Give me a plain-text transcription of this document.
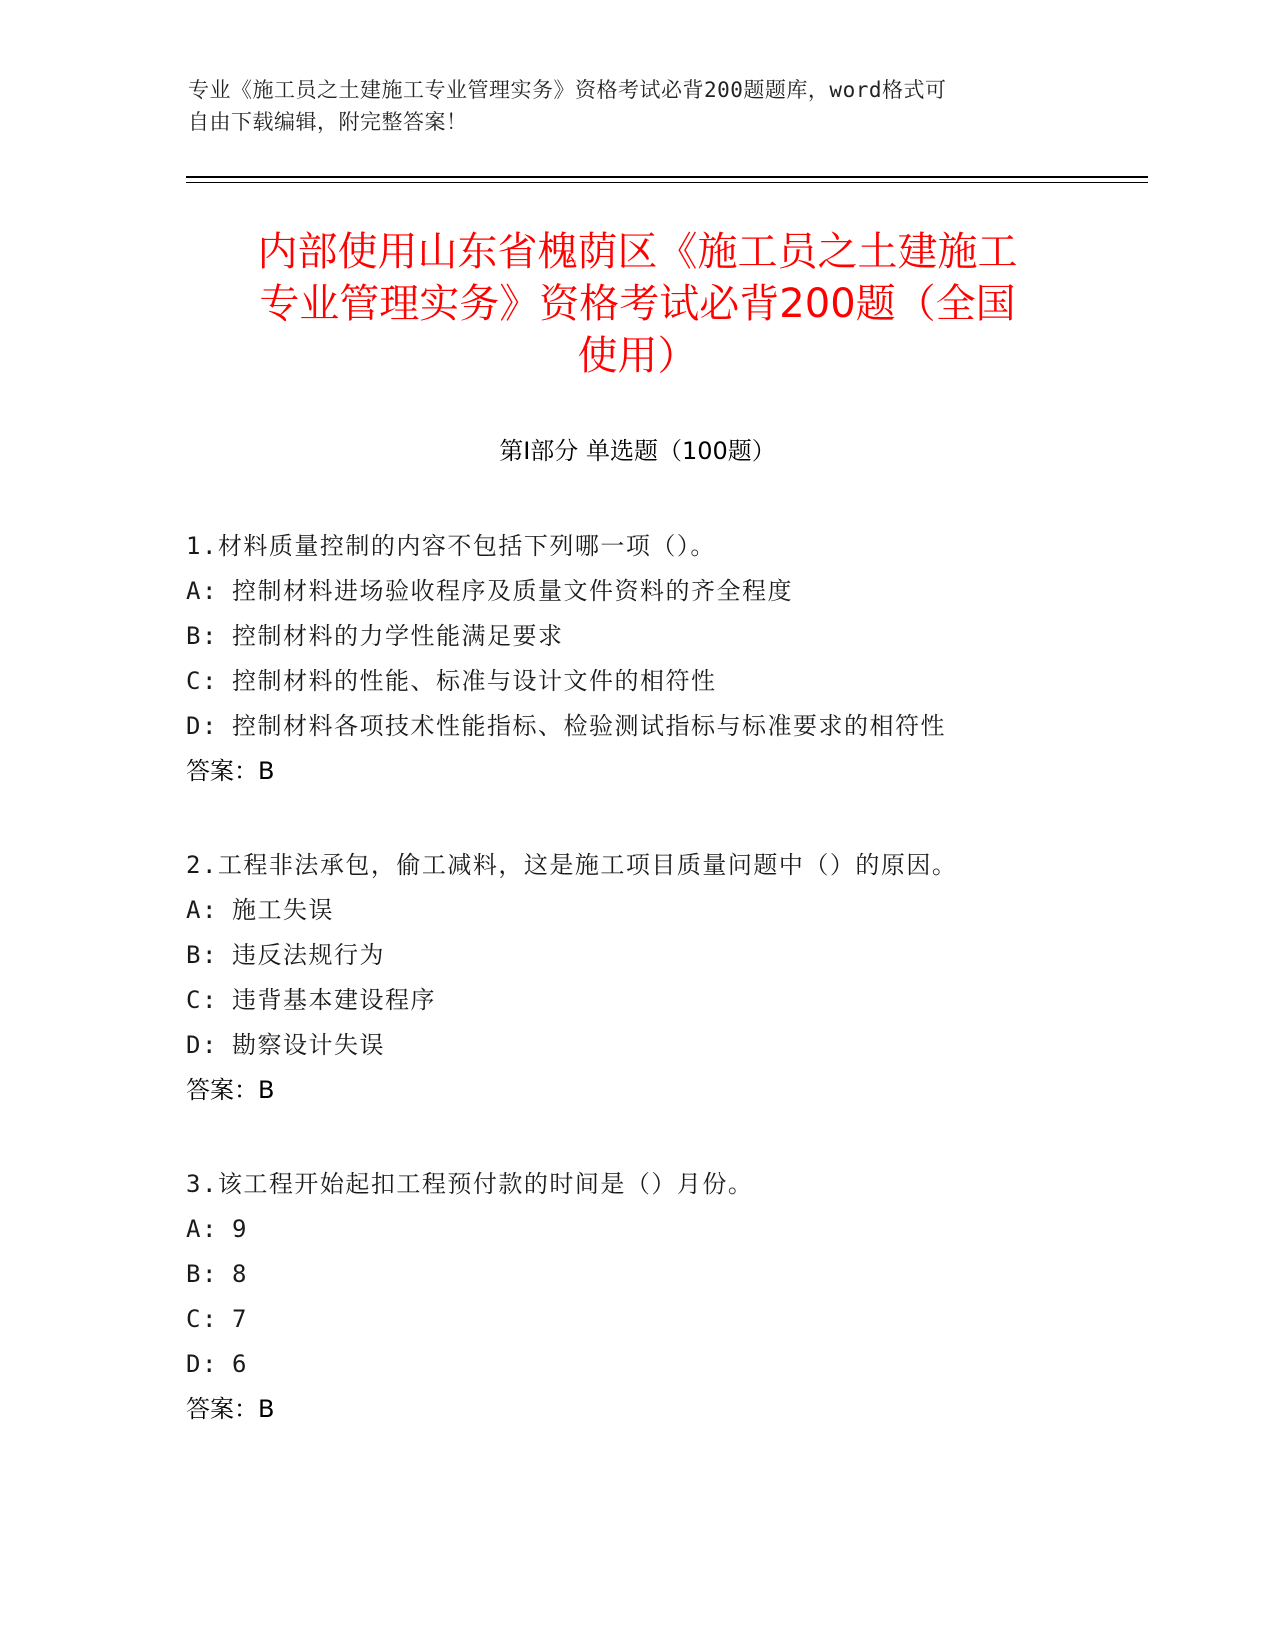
专业《施工员之土建施工专业管理实务》资格考试必背200题题库，word格式可
自由下载编辑，附完整答案！
内部使用山东省槐荫区《施工员之土建施工
专业管理实务》资格考试必背200题（全国
使用）
第Ⅰ部分 单选题（100题）
1.材料质量控制的内容不包括下列哪一项（）。
A: 控制材料进场验收程序及质量文件资料的齐全程度
B: 控制材料的力学性能满足要求
C: 控制材料的性能、标准与设计文件的相符性
D: 控制材料各项技术性能指标、检验测试指标与标准要求的相符性
答案：B
2.工程非法承包，偷工减料，这是施工项目质量问题中（）的原因。
A: 施工失误
B: 违反法规行为
C: 违背基本建设程序
D: 勘察设计失误
答案：B
3.该工程开始起扣工程预付款的时间是（）月份。
A: 9
B: 8
C: 7
D: 6
答案：B
